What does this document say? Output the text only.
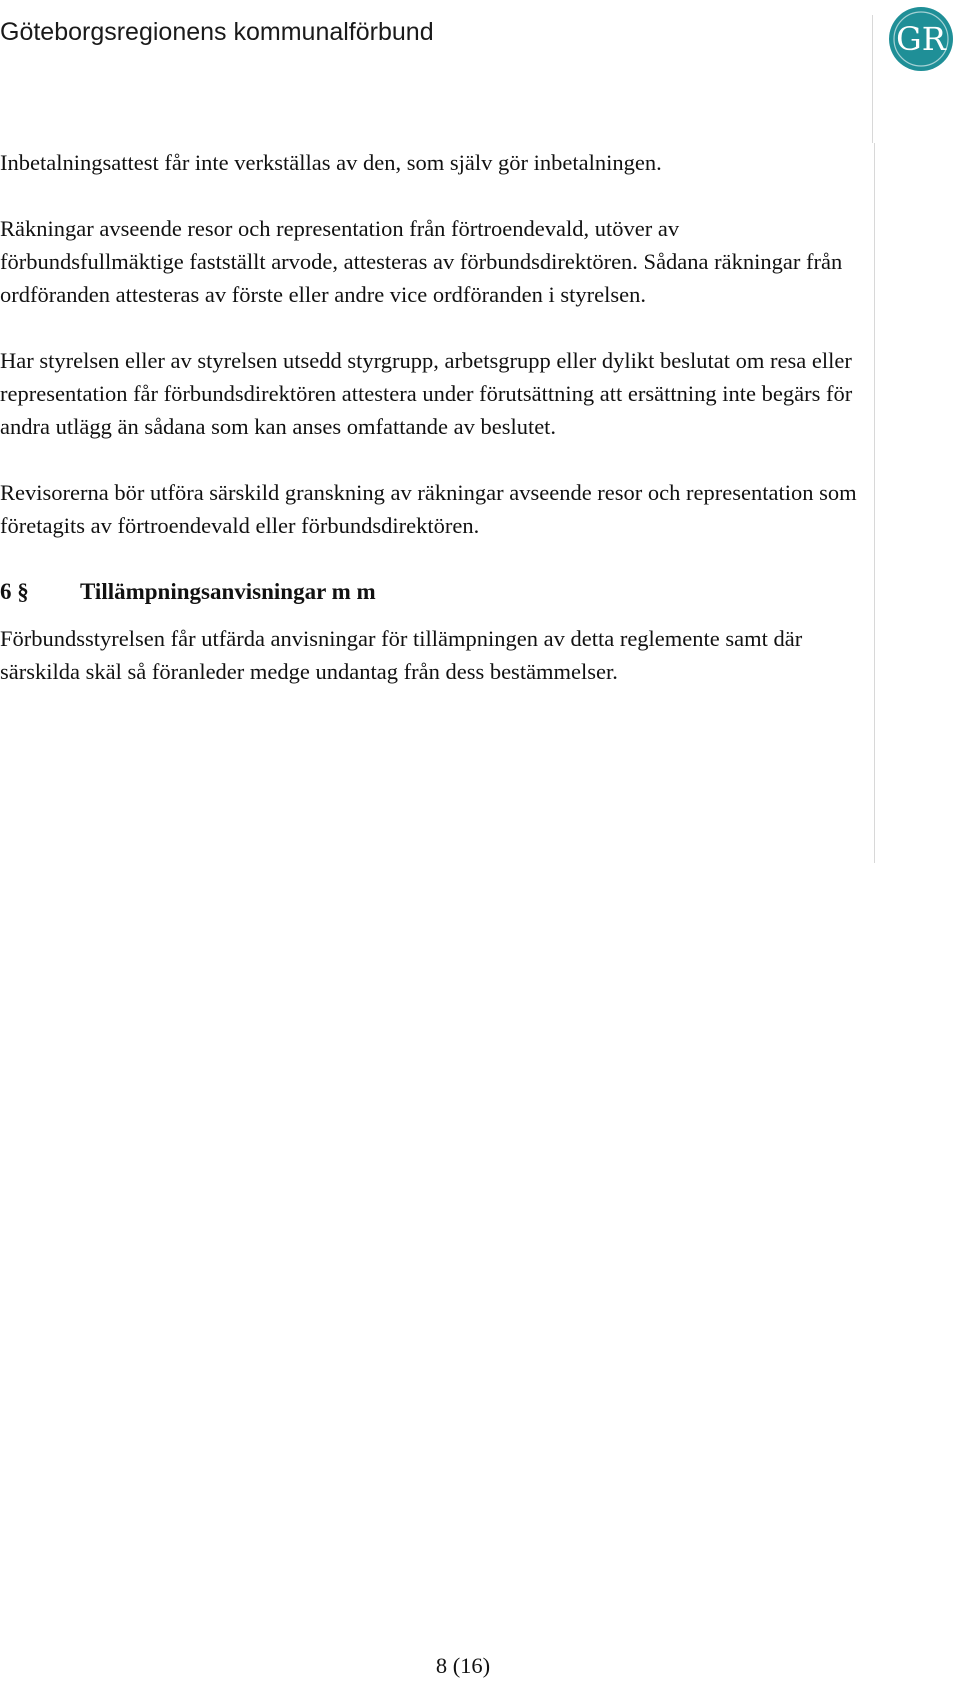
Göteborgsregionens kommunalförbund	GR

Inbetalningsattest får inte verkställas av den, som själv gör inbetalningen.

Räkningar avseende resor och representation från förtroendevald, utöver av förbundsfullmäktige fastställt arvode, attesteras av förbundsdirektören. Sådana räkningar från ordföranden attesteras av förste eller andre vice ordföranden i styrelsen.

Har styrelsen eller av styrelsen utsedd styrgrupp, arbetsgrupp eller dylikt beslutat om resa eller representation får förbundsdirektören attestera under förutsättning att ersättning inte begärs för andra utlägg än sådana som kan anses omfattande av beslutet.

Revisorerna bör utföra särskild granskning av räkningar avseende resor och representation som företagits av förtroendevald eller förbundsdirektören.

6 §	Tillämpningsanvisningar m m

Förbundsstyrelsen får utfärda anvisningar för tillämpningen av detta reglemente samt där särskilda skäl så föranleder medge undantag från dess bestämmelser.

8 (16)
